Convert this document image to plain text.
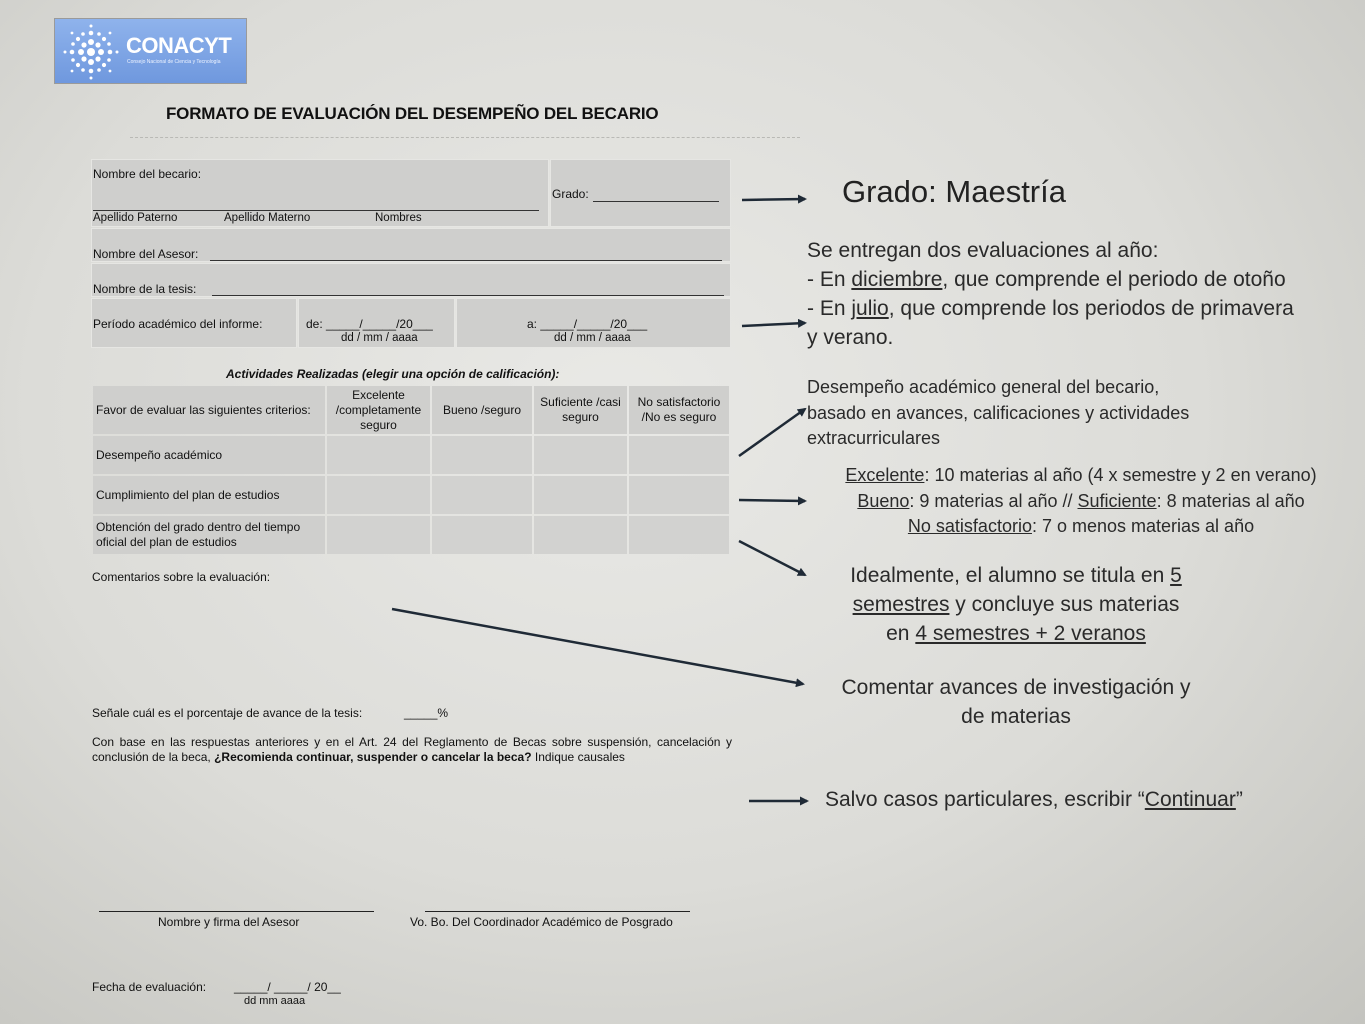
CONACYT
Consejo Nacional de Ciencia y Tecnología
FORMATO DE EVALUACIÓN DEL DESEMPEÑO DEL BECARIO
Nombre del becario:
Apellido Paterno	Apellido Materno	Nombres
Grado:
Nombre del Asesor:
Nombre de la tesis:
Período académico del informe:	de: _____/_____/20___
dd / mm / aaaa
a: _____/_____/20___
dd / mm / aaaa
Actividades Realizadas (elegir una opción de calificación):
Favor de evaluar las siguientes criterios:	Excelente /completamente seguro	Bueno /seguro	Suficiente /casi seguro	No satisfactorio /No es seguro
Desempeño académico				
Cumplimiento del plan de estudios				
Obtención del grado dentro del tiempo oficial del plan de estudios				
Comentarios sobre la evaluación:
Señale cuál es el porcentaje de avance de la tesis:	_____%
Con base en las respuestas anteriores y en el Art. 24 del Reglamento de Becas sobre suspensión, cancelación y conclusión de la beca, ¿Recomienda continuar, suspender o cancelar la beca? Indique causales
Nombre y firma del Asesor	Vo. Bo. Del Coordinador Académico de Posgrado
Fecha de evaluación: _____/ _____/ 20__
dd mm aaaa
Grado: Maestría
Se entregan dos evaluaciones al año:
- En diciembre, que comprende el periodo de otoño
- En julio, que comprende los periodos de primavera
y verano.
Desempeño académico general del becario,
basado en avances, calificaciones y actividades
extracurriculares
Excelente: 10 materias al año (4 x semestre y 2 en verano)
Bueno: 9 materias al año // Suficiente: 8 materias al año
No satisfactorio: 7 o menos materias al año
Idealmente, el alumno se titula en 5
semestres y concluye sus materias
en 4 semestres + 2 veranos
Comentar avances de investigación y
de materias
Salvo casos particulares, escribir “Continuar”
